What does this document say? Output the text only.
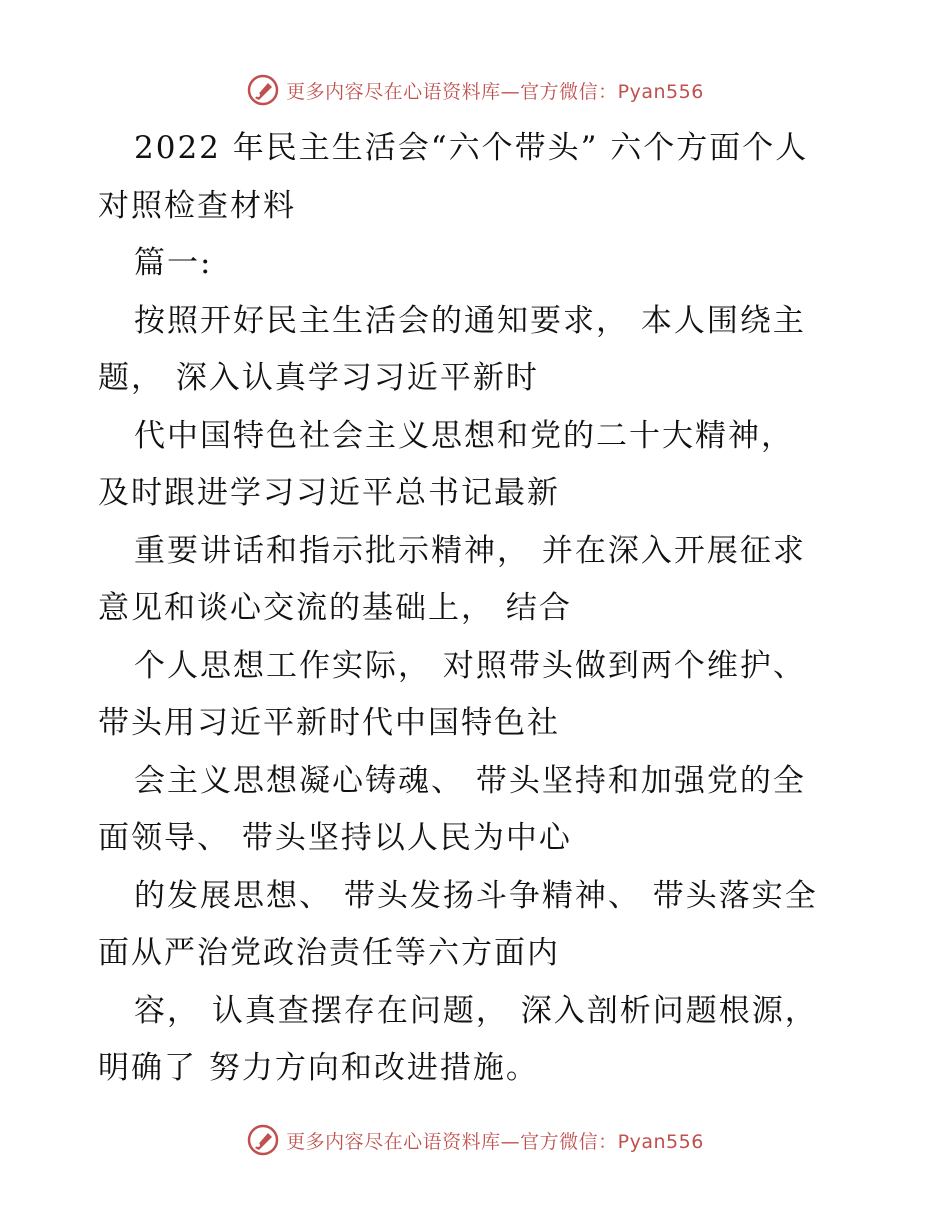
更多内容尽在心语资料库—官方微信：Pyan556
2022 年民主生活会“六个带头” 六个方面个人
对照检查材料
篇一:
按照开好民主生活会的通知要求， 本人围绕主
题， 深入认真学习习近平新时
代中国特色社会主义思想和党的二十大精神，
及时跟进学习习近平总书记最新
重要讲话和指示批示精神， 并在深入开展征求
意见和谈心交流的基础上， 结合
个人思想工作实际， 对照带头做到两个维护、
带头用习近平新时代中国特色社
会主义思想凝心铸魂、 带头坚持和加强党的全
面领导、 带头坚持以人民为中心
的发展思想、 带头发扬斗争精神、 带头落实全
面从严治党政治责任等六方面内
容， 认真查摆存在问题， 深入剖析问题根源，
明确了 努力方向和改进措施。
更多内容尽在心语资料库—官方微信：Pyan556
